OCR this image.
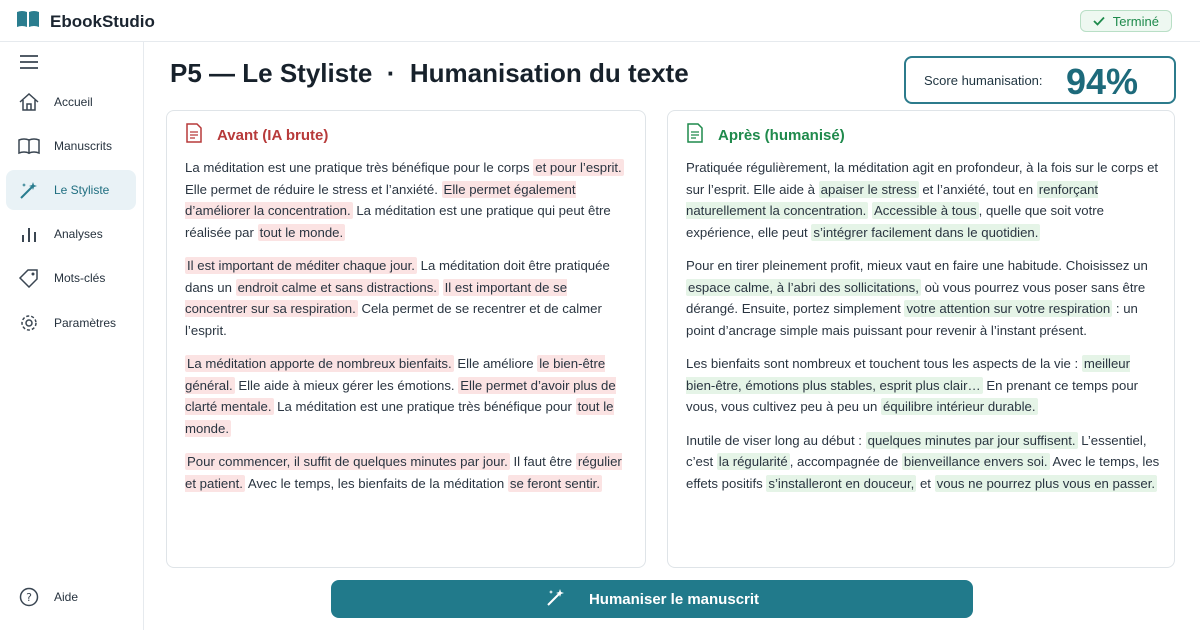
EbookStudio	Terminé
Accueil
Manuscrits
Le Styliste
Analyses
Mots-clés
Paramètres
? Aide
P5 — Le Styliste  ·  Humanisation du texte	Score humanisation: 94%
Avant (IA brute)

La méditation est une pratique très bénéfique pour le corps et pour l’esprit. Elle permet de réduire le stress et l’anxiété. Elle permet également d’améliorer la concentration. La méditation est une pratique qui peut être réalisée par tout le monde.

Il est important de méditer chaque jour. La méditation doit être pratiquée dans un endroit calme et sans distractions. Il est important de se concentrer sur sa respiration. Cela permet de se recentrer et de calmer l’esprit.

La méditation apporte de nombreux bienfaits. Elle améliore le bien-être général. Elle aide à mieux gérer les émotions. Elle permet d’avoir plus de clarté mentale. La méditation est une pratique très bénéfique pour tout le monde.

Pour commencer, il suffit de quelques minutes par jour. Il faut être régulier et patient. Avec le temps, les bienfaits de la méditation se feront sentir.

Après (humanisé)

Pratiquée régulièrement, la méditation agit en profondeur, à la fois sur le corps et sur l’esprit. Elle aide à apaiser le stress et l’anxiété, tout en renforçant naturellement la concentration. Accessible à tous , quelle que soit votre expérience, elle peut s’intégrer facilement dans le quotidien.

Pour en tirer pleinement profit, mieux vaut en faire une habitude. Choisissez un espace calme, à l’abri des sollicitations, où vous pourrez vous poser sans être dérangé. Ensuite, portez simplement votre attention sur votre respiration : un point d’ancrage simple mais puissant pour revenir à l’instant présent.

Les bienfaits sont nombreux et touchent tous les aspects de la vie : meilleur bien-être, émotions plus stables, esprit plus clair… En prenant ce temps pour vous, vous cultivez peu à peu un équilibre intérieur durable.

Inutile de viser long au début : quelques minutes par jour suffisent. L’essentiel, c’est la régularité , accompagnée de bienveillance envers soi. Avec le temps, les effets positifs s’installeront en douceur, et vous ne pourrez plus vous en passer.

Humaniser le manuscrit
